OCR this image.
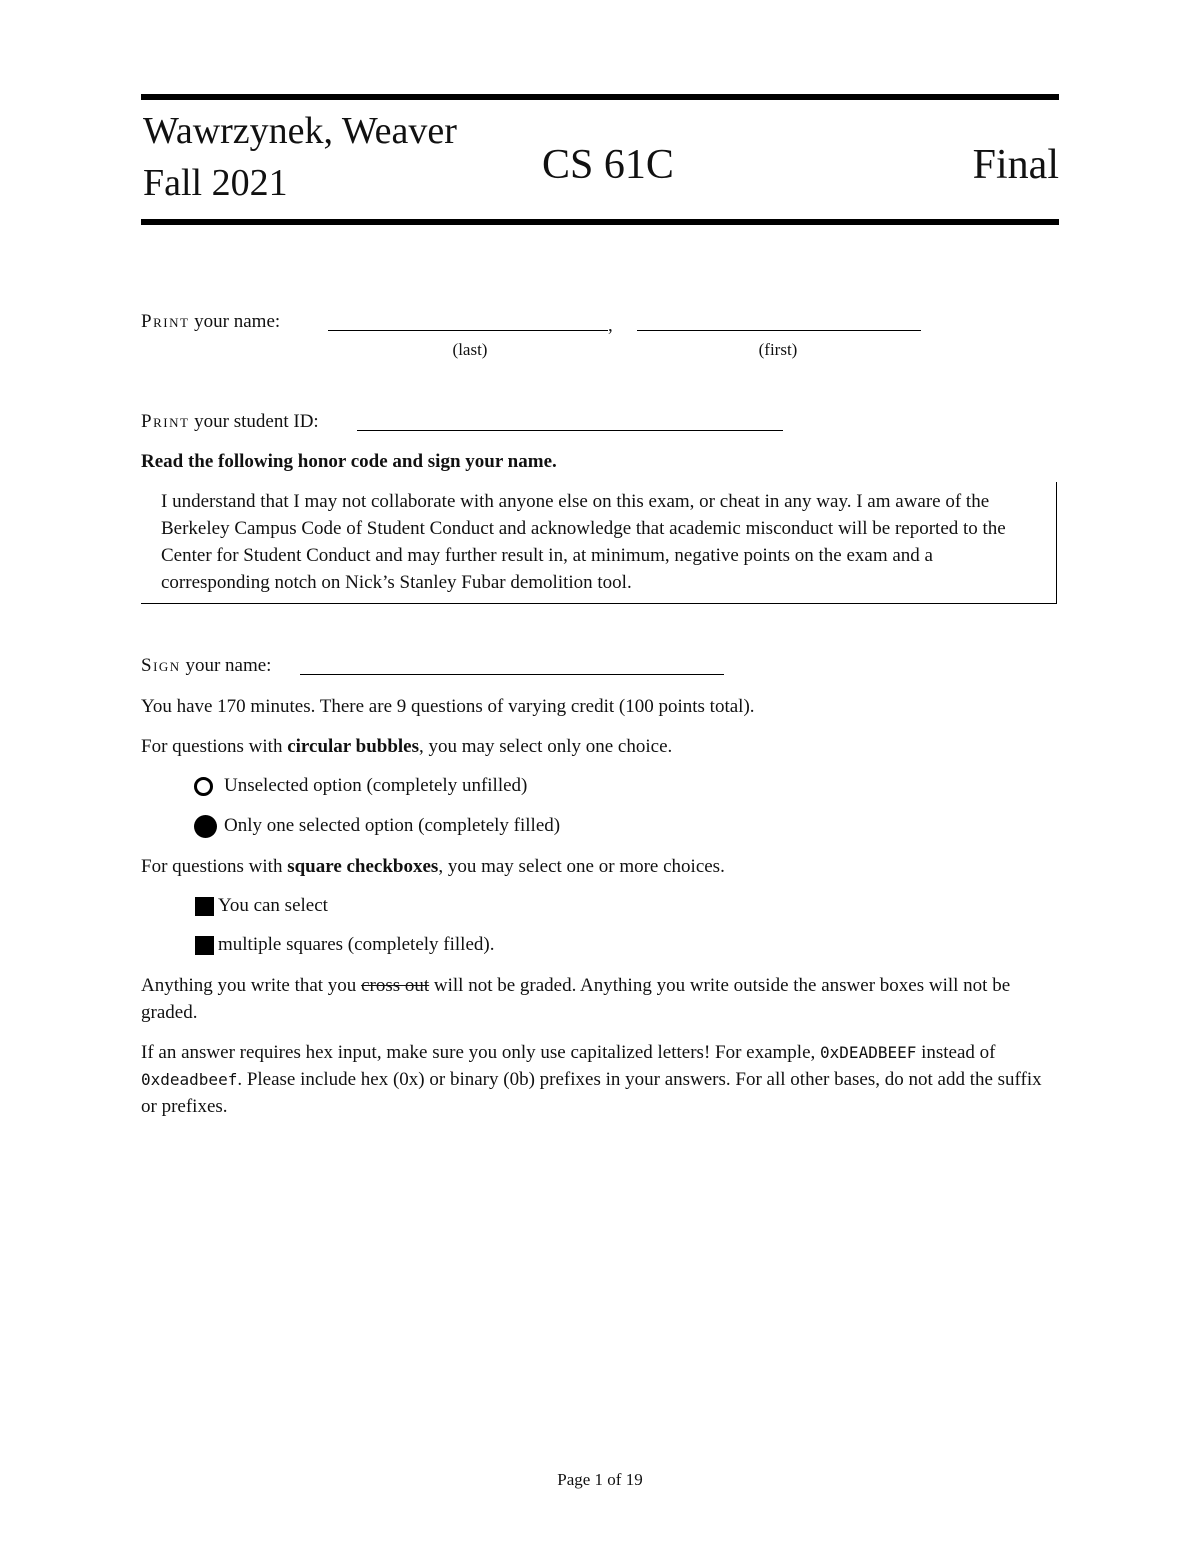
Wawrzynek, Weaver
Fall 2021	CS 61C	Final
Print your name:	,
(last)	(first)
Print your student ID:
Read the following honor code and sign your name.
I understand that I may not collaborate with anyone else on this exam, or cheat in any way. I am aware of the Berkeley Campus Code of Student Conduct and acknowledge that academic misconduct will be reported to the Center for Student Conduct and may further result in, at minimum, negative points on the exam and a corresponding notch on Nick’s Stanley Fubar demolition tool.
Sign your name:
You have 170 minutes. There are 9 questions of varying credit (100 points total).
For questions with circular bubbles, you may select only one choice.
Unselected option (completely unfilled)
Only one selected option (completely filled)
For questions with square checkboxes, you may select one or more choices.
You can select
multiple squares (completely filled).
Anything you write that you cross out will not be graded. Anything you write outside the answer boxes will not be graded.
If an answer requires hex input, make sure you only use capitalized letters! For example, 0xDEADBEEF instead of 0xdeadbeef. Please include hex (0x) or binary (0b) prefixes in your answers. For all other bases, do not add the suffix or prefixes.
Page 1 of 19
